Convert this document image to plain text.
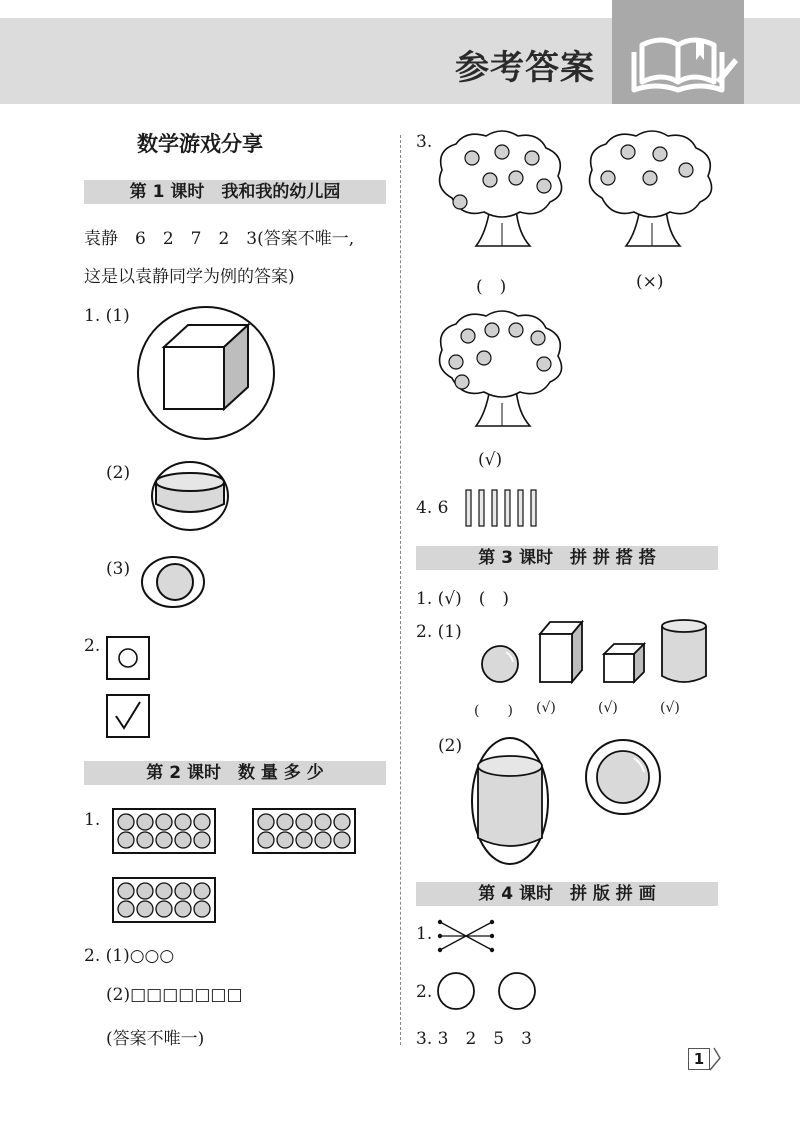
参考答案
数学游戏分享
第 1 课时　我和我的幼儿园
袁静　6　2　7　2　3(答案不唯一,
这是以袁静同学为例的答案)
1. (1)
(2)
(3)
2.
第 2 课时　数 量 多 少
1.
2. (1)○○○
(2)□□□□□□□
(答案不唯一)
3.
(　)	(×)
(√)
4. 6
第 3 课时　拼 拼 搭 搭
1. (√)　(　)
2. (1)
(　　) (√)	(√)	(√)
(2)
第 4 课时　拼 版 拼 画
1.
2.
3. 3　2　5　3
1
